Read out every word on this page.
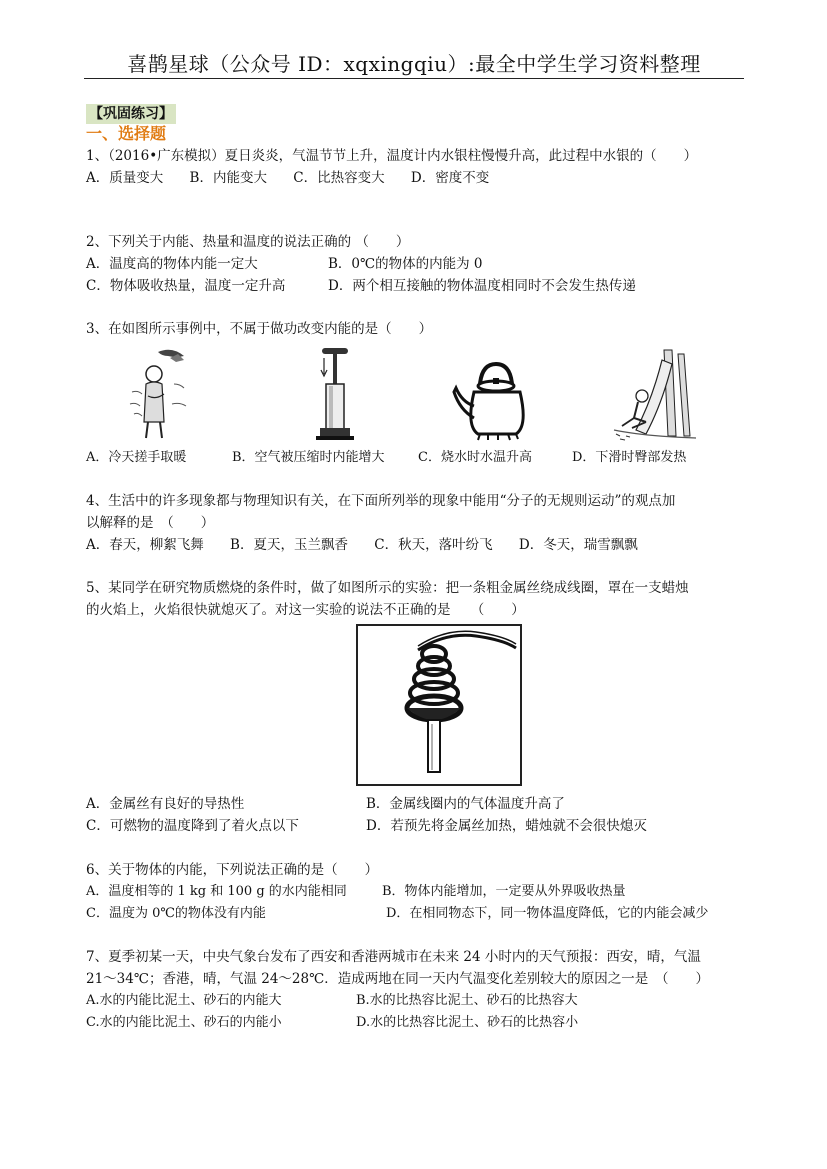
喜鹊星球（公众号 ID：xqxingqiu）:最全中学生学习资料整理
【巩固练习】
一、选择题
1、（2016•广东模拟）夏日炎炎，气温节节上升，温度计内水银柱慢慢升高，此过程中水银的（　　）
A．质量变大 B．内能变大 C．比热容变大 D．密度不变
2、下列关于内能、热量和温度的说法正确的 （　　）
A．温度高的物体内能一定大	B．0℃的物体的内能为 0
C．物体吸收热量，温度一定升高	D．两个相互接触的物体温度相同时不会发生热传递
3、在如图所示事例中，不属于做功改变内能的是（　　）
A．冷天搓手取暖	B．空气被压缩时内能增大	C．烧水时水温升高	D．下滑时臀部发热
4、生活中的许多现象都与物理知识有关，在下面所列举的现象中能用“分子的无规则运动”的观点加
以解释的是　（　　）
A．春天，柳絮飞舞 B．夏天，玉兰飘香 C．秋天，落叶纷飞 D．冬天，瑞雪飘飘
5、某同学在研究物质燃烧的条件时，做了如图所示的实验：把一条粗金属丝绕成线圈，罩在一支蜡烛
的火焰上，火焰很快就熄灭了。对这一实验的说法不正确的是　　（　　）
A．金属丝有良好的导热性	B．金属线圈内的气体温度升高了
C．可燃物的温度降到了着火点以下	D．若预先将金属丝加热，蜡烛就不会很快熄灭
6、关于物体的内能，下列说法正确的是（　　）
A．温度相等的 1 kg 和 100 g 的水内能相同	B．物体内能增加，一定要从外界吸收热量
C．温度为 0℃的物体没有内能	D．在相同物态下，同一物体温度降低，它的内能会减少
7、夏季初某一天，中央气象台发布了西安和香港两城市在未来 24 小时内的天气预报：西安，晴，气温
21～34℃；香港，晴，气温 24～28℃．造成两地在同一天内气温变化差别较大的原因之一是　（　　）
A.水的内能比泥土、砂石的内能大	B.水的比热容比泥土、砂石的比热容大
C.水的内能比泥土、砂石的内能小	D.水的比热容比泥土、砂石的比热容小
